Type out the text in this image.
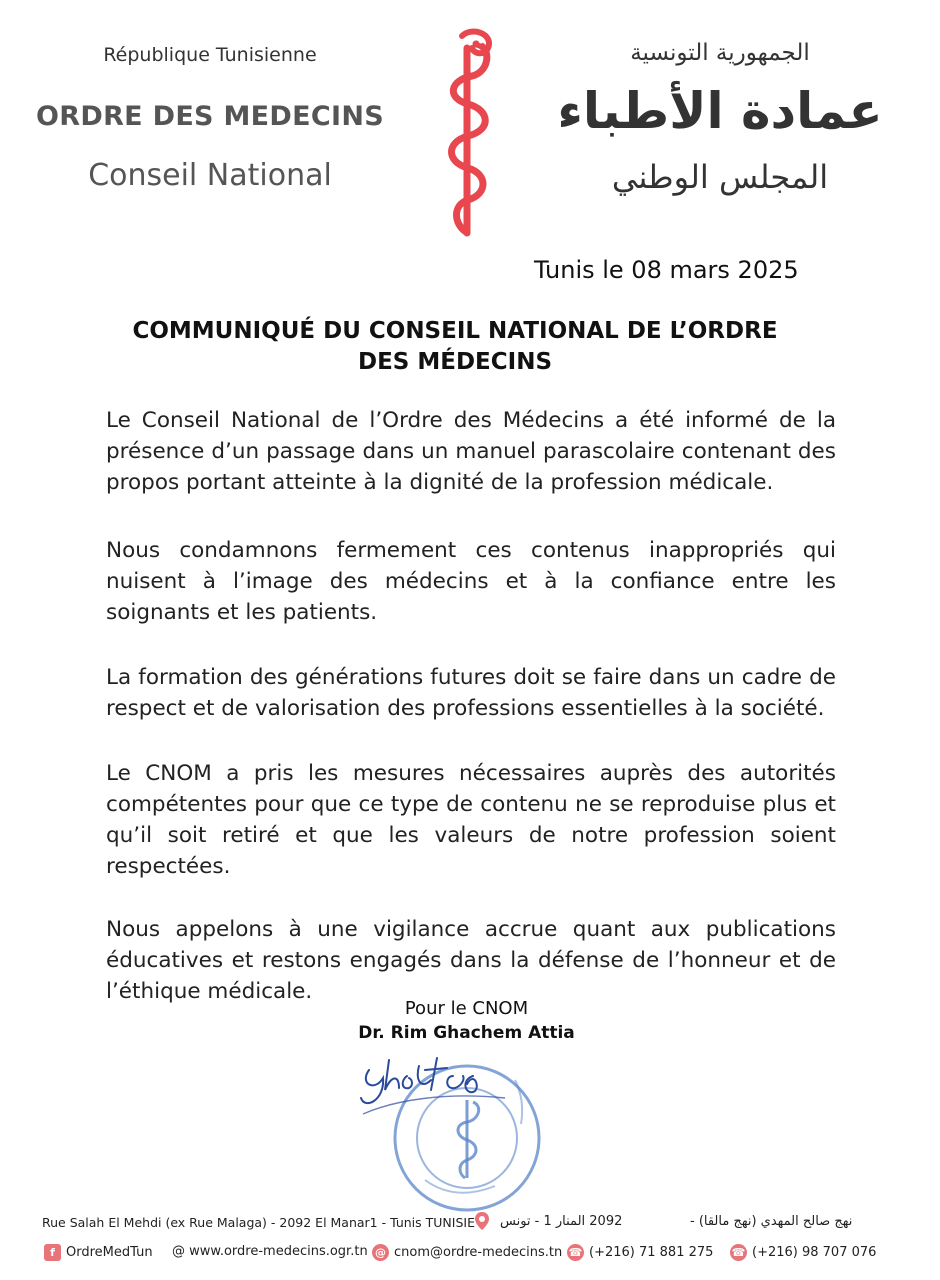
République Tunisienne
ORDRE DES MEDECINS
Conseil National
الجمهورية التونسية
عمادة الأطباء
المجلس الوطني
Tunis le 08 mars 2025
COMMUNIQUÉ DU CONSEIL NATIONAL DE L’ORDRE
DES MÉDECINS

Le Conseil National de l’Ordre des Médecins a été informé de la présence d’un passage dans un manuel parascolaire contenant des propos portant atteinte à la dignité de la profession médicale.

Nous condamnons fermement ces contenus inappropriés qui nuisent à l’image des médecins et à la confiance entre les soignants et les patients.

La formation des générations futures doit se faire dans un cadre de respect et de valorisation des professions essentielles à la société.

Le CNOM a pris les mesures nécessaires auprès des autorités compétentes pour que ce type de contenu ne se reproduise plus et qu’il soit retiré et que les valeurs de notre profession soient respectées.

Nous appelons à une vigilance accrue quant aux publications éducatives et restons engagés dans la défense de l’honneur et de l’éthique médicale.

Pour le CNOM
Dr. Rim Ghachem Attia
Rue Salah El Mehdi (ex Rue Malaga) - 2092 El Manar1 - Tunis TUNISIE 2092 المنار 1 - تونس	نهج صالح المهدي (نهج مالقا) -
f OrdreMedTun @ www.ordre-medecins.ogr.tn @ cnom@ordre-medecins.tn ☎ (+216) 71 881 275 ☎ (+216) 98 707 076
